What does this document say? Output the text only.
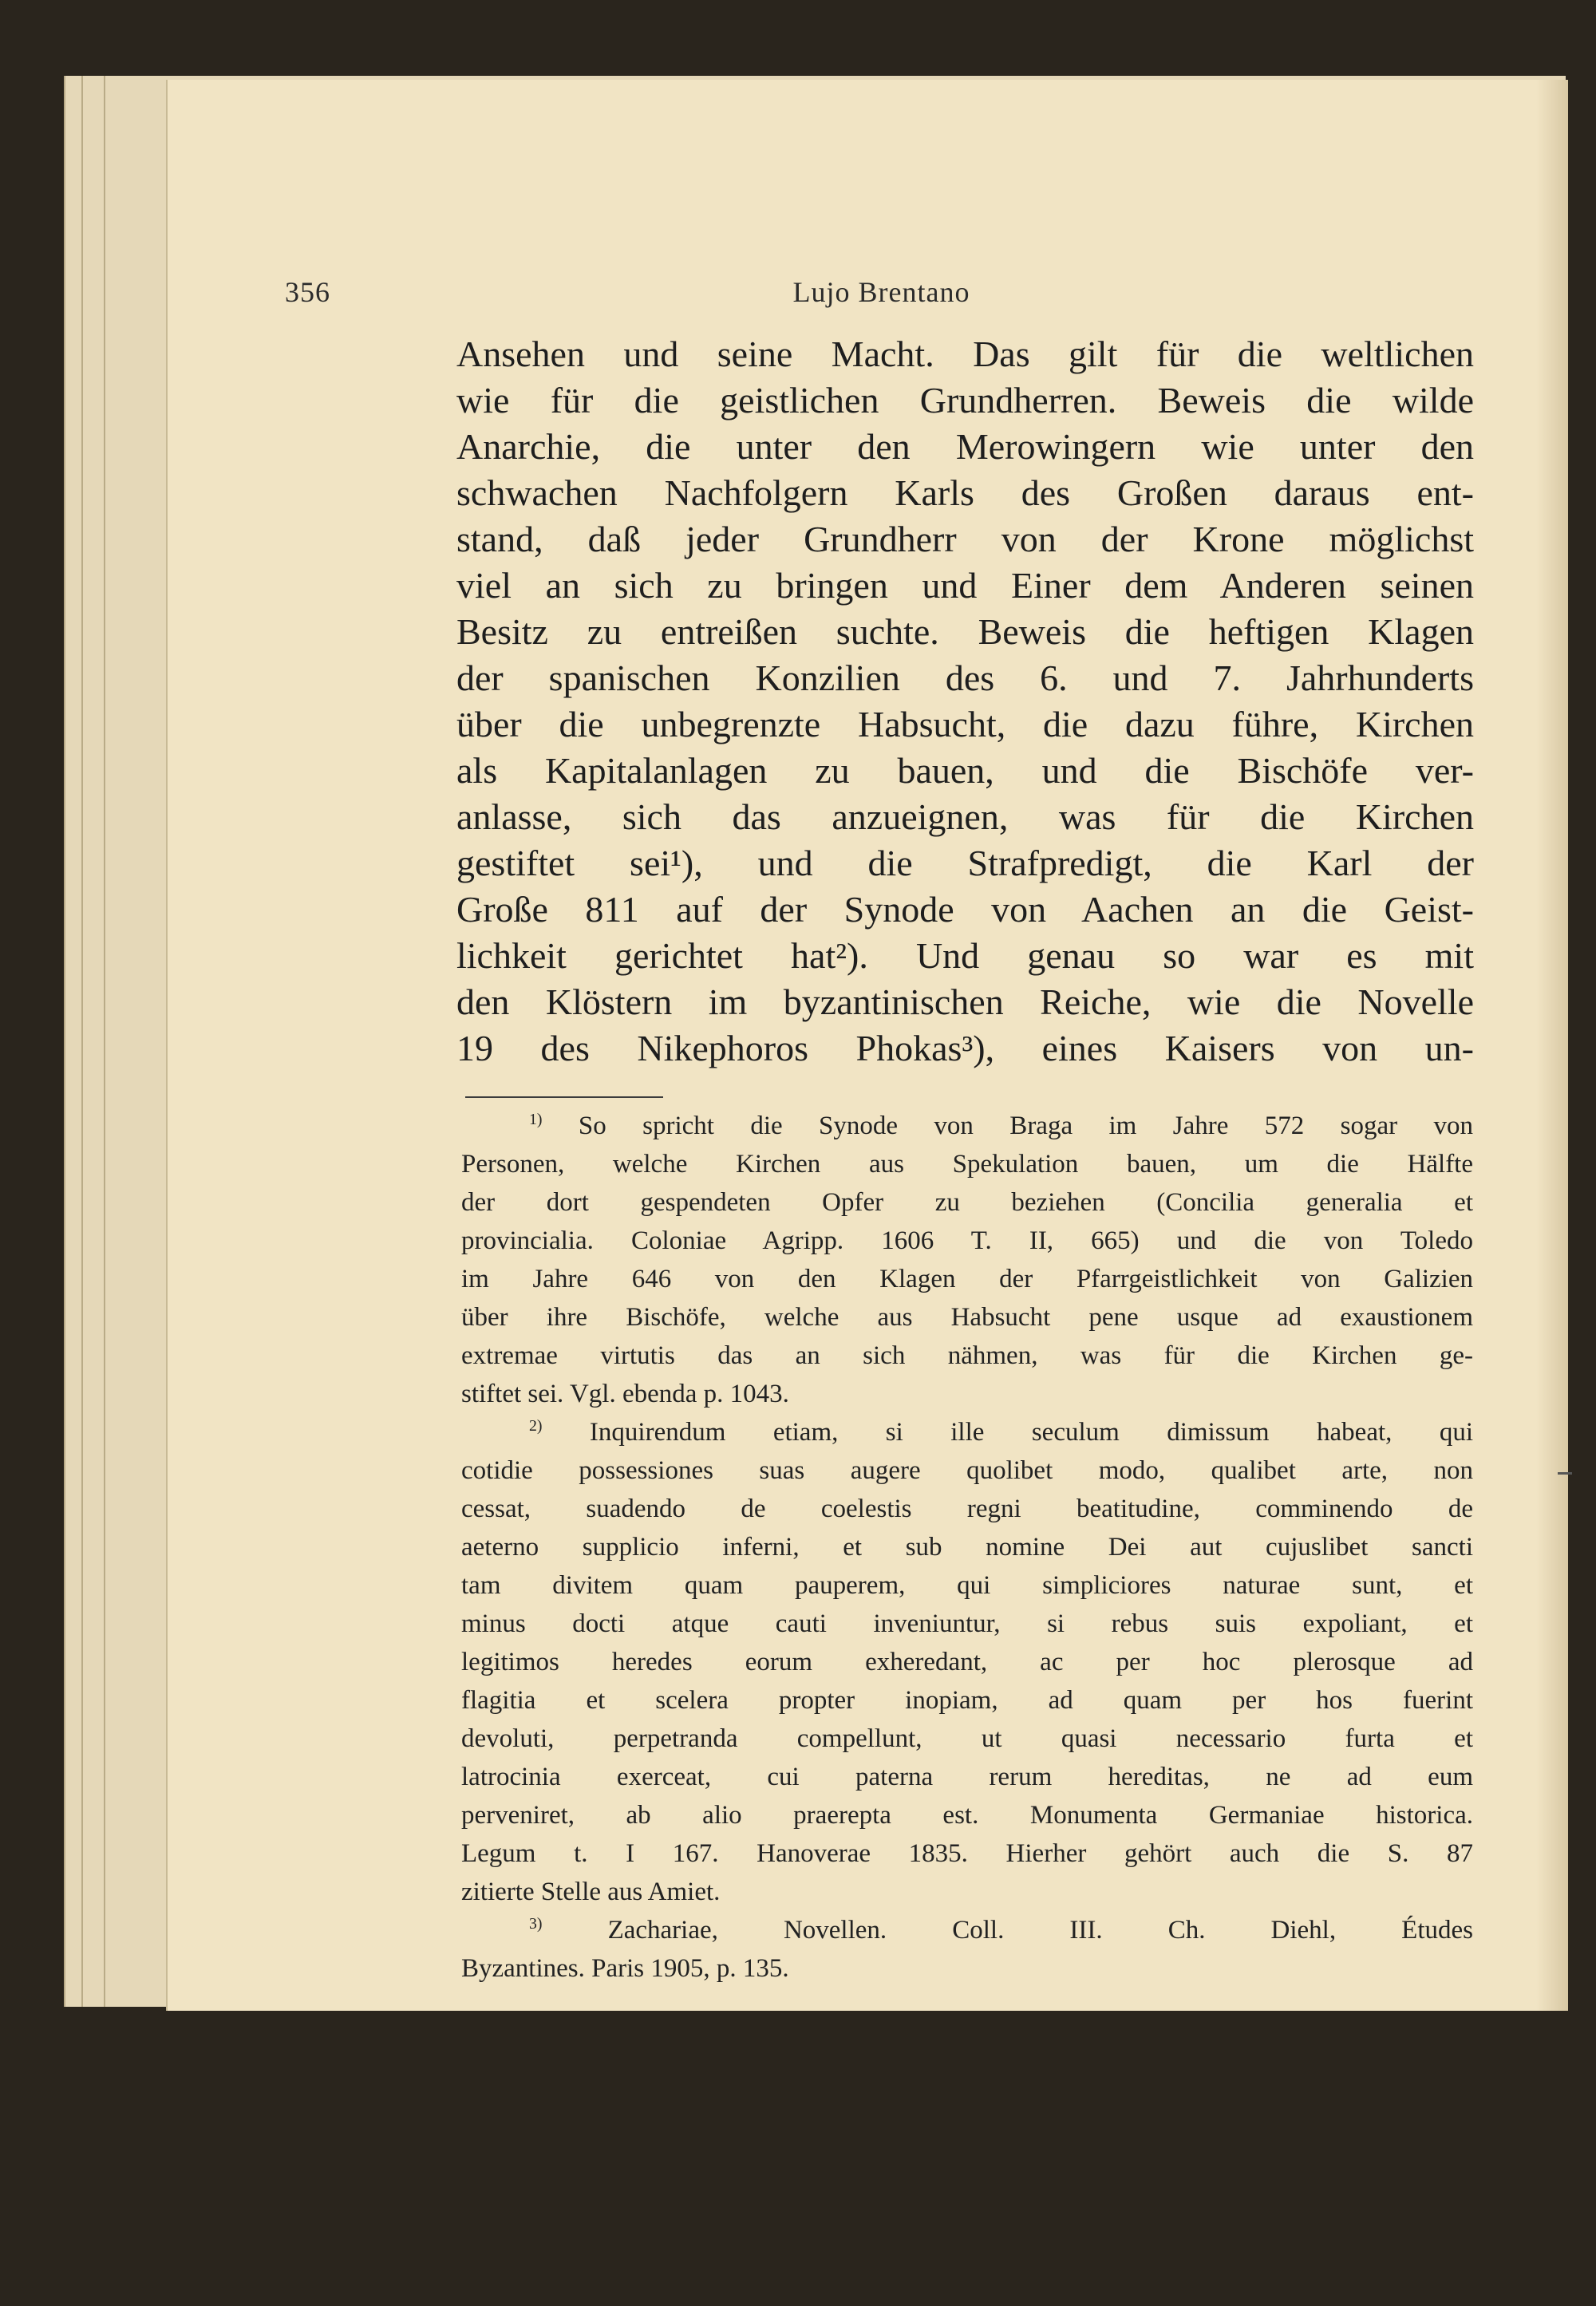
356	Lujo Brentano
Ansehen und seine Macht. Das gilt für die weltlichen
wie für die geistlichen Grundherren. Beweis die wilde
Anarchie, die unter den Merowingern wie unter den
schwachen Nachfolgern Karls des Großen daraus ent-
stand, daß jeder Grundherr von der Krone möglichst
viel an sich zu bringen und Einer dem Anderen seinen
Besitz zu entreißen suchte. Beweis die heftigen Klagen
der spanischen Konzilien des 6. und 7. Jahrhunderts
über die unbegrenzte Habsucht, die dazu führe, Kirchen
als Kapitalanlagen zu bauen, und die Bischöfe ver-
anlasse, sich das anzueignen, was für die Kirchen
gestiftet sei¹), und die Strafpredigt, die Karl der
Große 811 auf der Synode von Aachen an die Geist-
lichkeit gerichtet hat²). Und genau so war es mit
den Klöstern im byzantinischen Reiche, wie die Novelle
19 des Nikephoros Phokas³), eines Kaisers von un-
$^{1)}$ So spricht die Synode von Braga im Jahre 572 sogar von
Personen, welche Kirchen aus Spekulation bauen, um die Hälfte
der dort gespendeten Opfer zu beziehen (Concilia generalia et
provincialia. Coloniae Agripp. 1606 T. II, 665) und die von Toledo
im Jahre 646 von den Klagen der Pfarrgeistlichkeit von Galizien
über ihre Bischöfe, welche aus Habsucht pene usque ad exaustionem
extremae virtutis das an sich nähmen, was für die Kirchen ge-
stiftet sei. Vgl. ebenda p. 1043.
$^{2)}$ Inquirendum etiam, si ille seculum dimissum habeat, qui
cotidie possessiones suas augere quolibet modo, qualibet arte, non
cessat, suadendo de coelestis regni beatitudine, comminendo de
aeterno supplicio inferni, et sub nomine Dei aut cujuslibet sancti
tam divitem quam pauperem, qui simpliciores naturae sunt, et
minus docti atque cauti inveniuntur, si rebus suis expoliant, et
legitimos heredes eorum exheredant, ac per hoc plerosque ad
flagitia et scelera propter inopiam, ad quam per hos fuerint
devoluti, perpetranda compellunt, ut quasi necessario furta et
latrocinia exerceat, cui paterna rerum hereditas, ne ad eum
perveniret, ab alio praerepta est. Monumenta Germaniae historica.
Legum t. I 167. Hanoverae 1835. Hierher gehört auch die S. 87
zitierte Stelle aus Amiet.
$^{3)}$ Zachariae, Novellen. Coll. III. Ch. Diehl, Études
Byzantines. Paris 1905, p. 135.
